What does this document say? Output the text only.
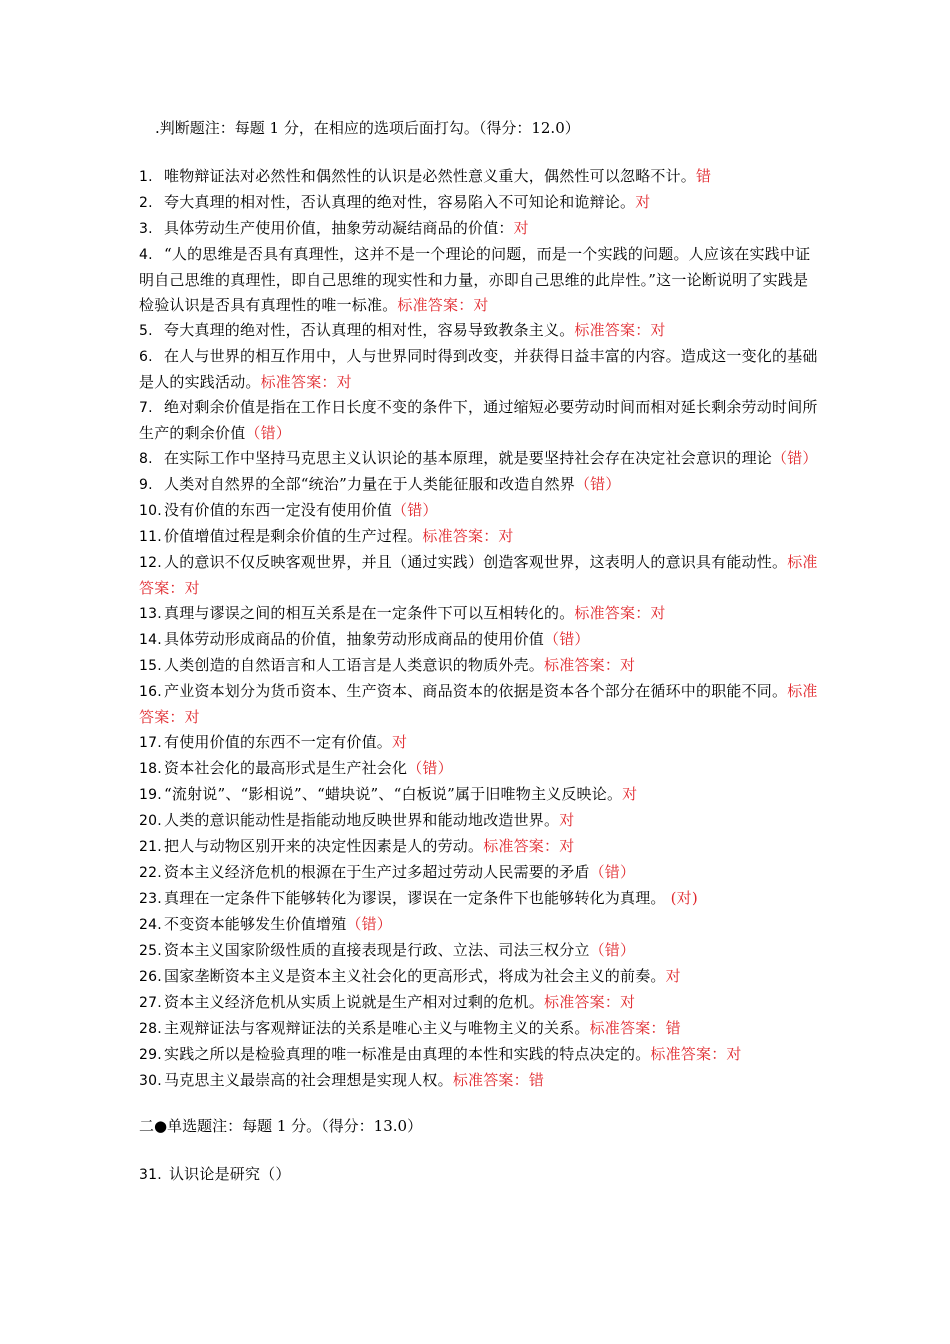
.判断题注：每题 1 分，在相应的选项后面打勾。（得分：12.0）

1. 唯物辩证法对必然性和偶然性的认识是必然性意义重大，偶然性可以忽略不计。错
2. 夸大真理的相对性，否认真理的绝对性，容易陷入不可知论和诡辩论。对
3. 具体劳动生产使用价值，抽象劳动凝结商品的价值：对
4. “人的思维是否具有真理性，这并不是一个理论的问题，而是一个实践的问题。人应该在实践中证明自己思维的真理性，即自己思维的现实性和力量，亦即自己思维的此岸性。”这一论断说明了实践是检验认识是否具有真理性的唯一标准。标准答案：对
5. 夸大真理的绝对性，否认真理的相对性，容易导致教条主义。标准答案：对
6. 在人与世界的相互作用中，人与世界同时得到改变，并获得日益丰富的内容。造成这一变化的基础是人的实践活动。标准答案：对
7. 绝对剩余价值是指在工作日长度不变的条件下，通过缩短必要劳动时间而相对延长剩余劳动时间所生产的剩余价值（错）
8. 在实际工作中坚持马克思主义认识论的基本原理，就是要坚持社会存在决定社会意识的理论（错）
9. 人类对自然界的全部“统治”力量在于人类能征服和改造自然界（错）
10. 没有价值的东西一定没有使用价值（错）
11. 价值增值过程是剩余价值的生产过程。标准答案：对
12. 人的意识不仅反映客观世界，并且（通过实践）创造客观世界，这表明人的意识具有能动性。标准答案：对
13. 真理与谬误之间的相互关系是在一定条件下可以互相转化的。标准答案：对
14. 具体劳动形成商品的价值，抽象劳动形成商品的使用价值（错）
15. 人类创造的自然语言和人工语言是人类意识的物质外壳。标准答案：对
16. 产业资本划分为货币资本、生产资本、商品资本的依据是资本各个部分在循环中的职能不同。标准答案：对
17. 有使用价值的东西不一定有价值。对
18. 资本社会化的最高形式是生产社会化（错）
19. “流射说”、“影相说”、“蜡块说”、“白板说”属于旧唯物主义反映论。对
20. 人类的意识能动性是指能动地反映世界和能动地改造世界。对
21. 把人与动物区别开来的决定性因素是人的劳动。标准答案：对
22. 资本主义经济危机的根源在于生产过多超过劳动人民需要的矛盾（错）
23. 真理在一定条件下能够转化为谬误，谬误在一定条件下也能够转化为真理。 (对)
24. 不变资本能够发生价值增殖（错）
25. 资本主义国家阶级性质的直接表现是行政、立法、司法三权分立（错）
26. 国家垄断资本主义是资本主义社会化的更高形式，将成为社会主义的前奏。对
27. 资本主义经济危机从实质上说就是生产相对过剩的危机。标准答案：对
28. 主观辩证法与客观辩证法的关系是唯心主义与唯物主义的关系。标准答案：错
29. 实践之所以是检验真理的唯一标准是由真理的本性和实践的特点决定的。标准答案：对
30. 马克思主义最崇高的社会理想是实现人权。标准答案：错

二●单选题注：每题 1 分。（得分：13.0）

31. 认识论是研究（）
